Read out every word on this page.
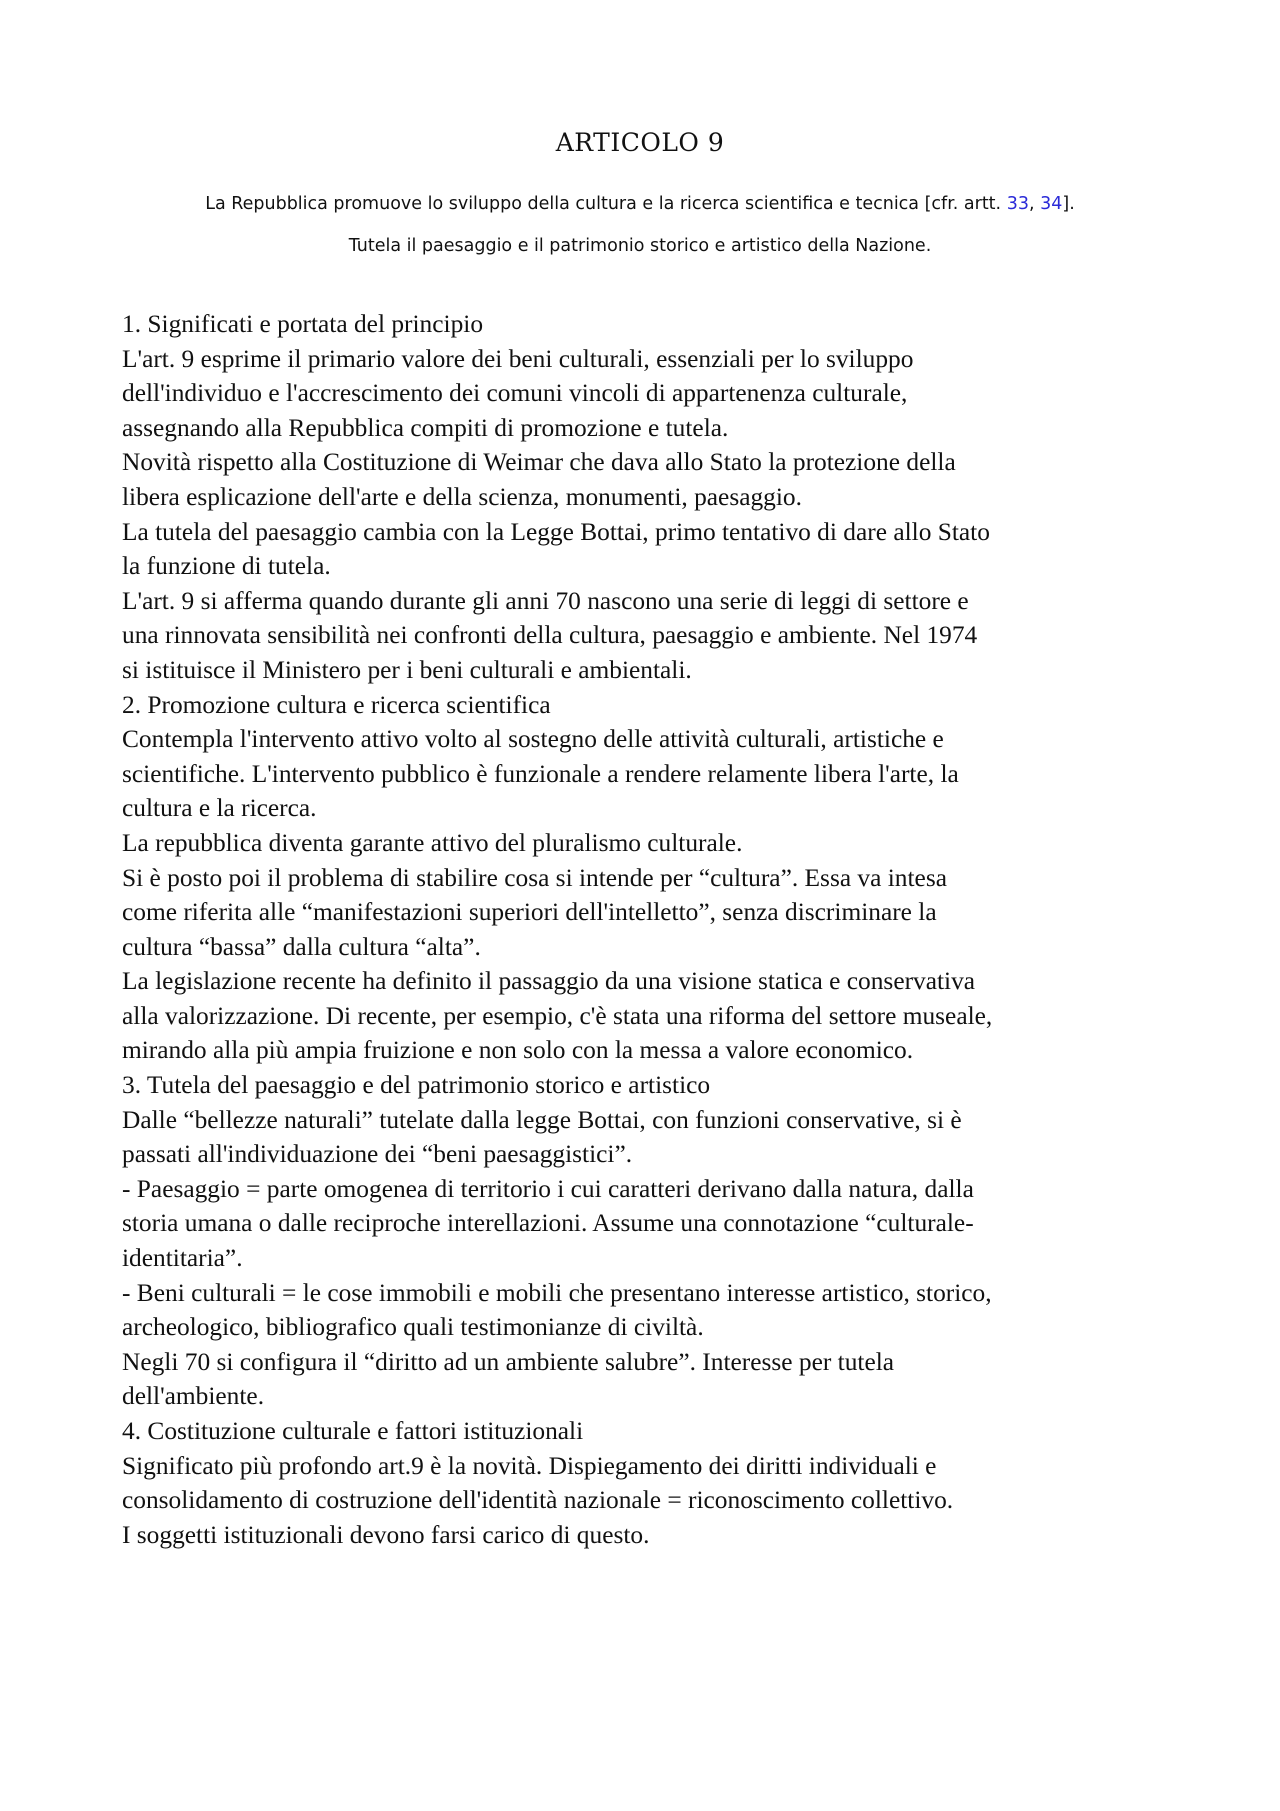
ARTICOLO 9
La Repubblica promuove lo sviluppo della cultura e la ricerca scientifica e tecnica [cfr. artt. 33, 34].
Tutela il paesaggio e il patrimonio storico e artistico della Nazione.
1. Significati e portata del principio
L'art. 9 esprime il primario valore dei beni culturali, essenziali per lo sviluppo
dell'individuo e l'accrescimento dei comuni vincoli di appartenenza culturale,
assegnando alla Repubblica compiti di promozione e tutela.
Novità rispetto alla Costituzione di Weimar che dava allo Stato la protezione della
libera esplicazione dell'arte e della scienza, monumenti, paesaggio.
La tutela del paesaggio cambia con la Legge Bottai, primo tentativo di dare allo Stato
la funzione di tutela.
L'art. 9 si afferma quando durante gli anni 70 nascono una serie di leggi di settore e
una rinnovata sensibilità nei confronti della cultura, paesaggio e ambiente. Nel 1974
si istituisce il Ministero per i beni culturali e ambientali.
2. Promozione cultura e ricerca scientifica
Contempla l'intervento attivo volto al sostegno delle attività culturali, artistiche e
scientifiche. L'intervento pubblico è funzionale a rendere relamente libera l'arte, la
cultura e la ricerca.
La repubblica diventa garante attivo del pluralismo culturale.
Si è posto poi il problema di stabilire cosa si intende per “cultura”. Essa va intesa
come riferita alle “manifestazioni superiori dell'intelletto”, senza discriminare la
cultura “bassa” dalla cultura “alta”.
La legislazione recente ha definito il passaggio da una visione statica e conservativa
alla valorizzazione. Di recente, per esempio, c'è stata una riforma del settore museale,
mirando alla più ampia fruizione e non solo con la messa a valore economico.
3. Tutela del paesaggio e del patrimonio storico e artistico
Dalle “bellezze naturali” tutelate dalla legge Bottai, con funzioni conservative, si è
passati all'individuazione dei “beni paesaggistici”.
- Paesaggio = parte omogenea di territorio i cui caratteri derivano dalla natura, dalla
storia umana o dalle reciproche interellazioni. Assume una connotazione “culturale-
identitaria”.
- Beni culturali = le cose immobili e mobili che presentano interesse artistico, storico,
archeologico, bibliografico quali testimonianze di civiltà.
Negli 70 si configura il “diritto ad un ambiente salubre”. Interesse per tutela
dell'ambiente.
4. Costituzione culturale e fattori istituzionali
Significato più profondo art.9 è la novità. Dispiegamento dei diritti individuali e
consolidamento di costruzione dell'identità nazionale = riconoscimento collettivo.
I soggetti istituzionali devono farsi carico di questo.
